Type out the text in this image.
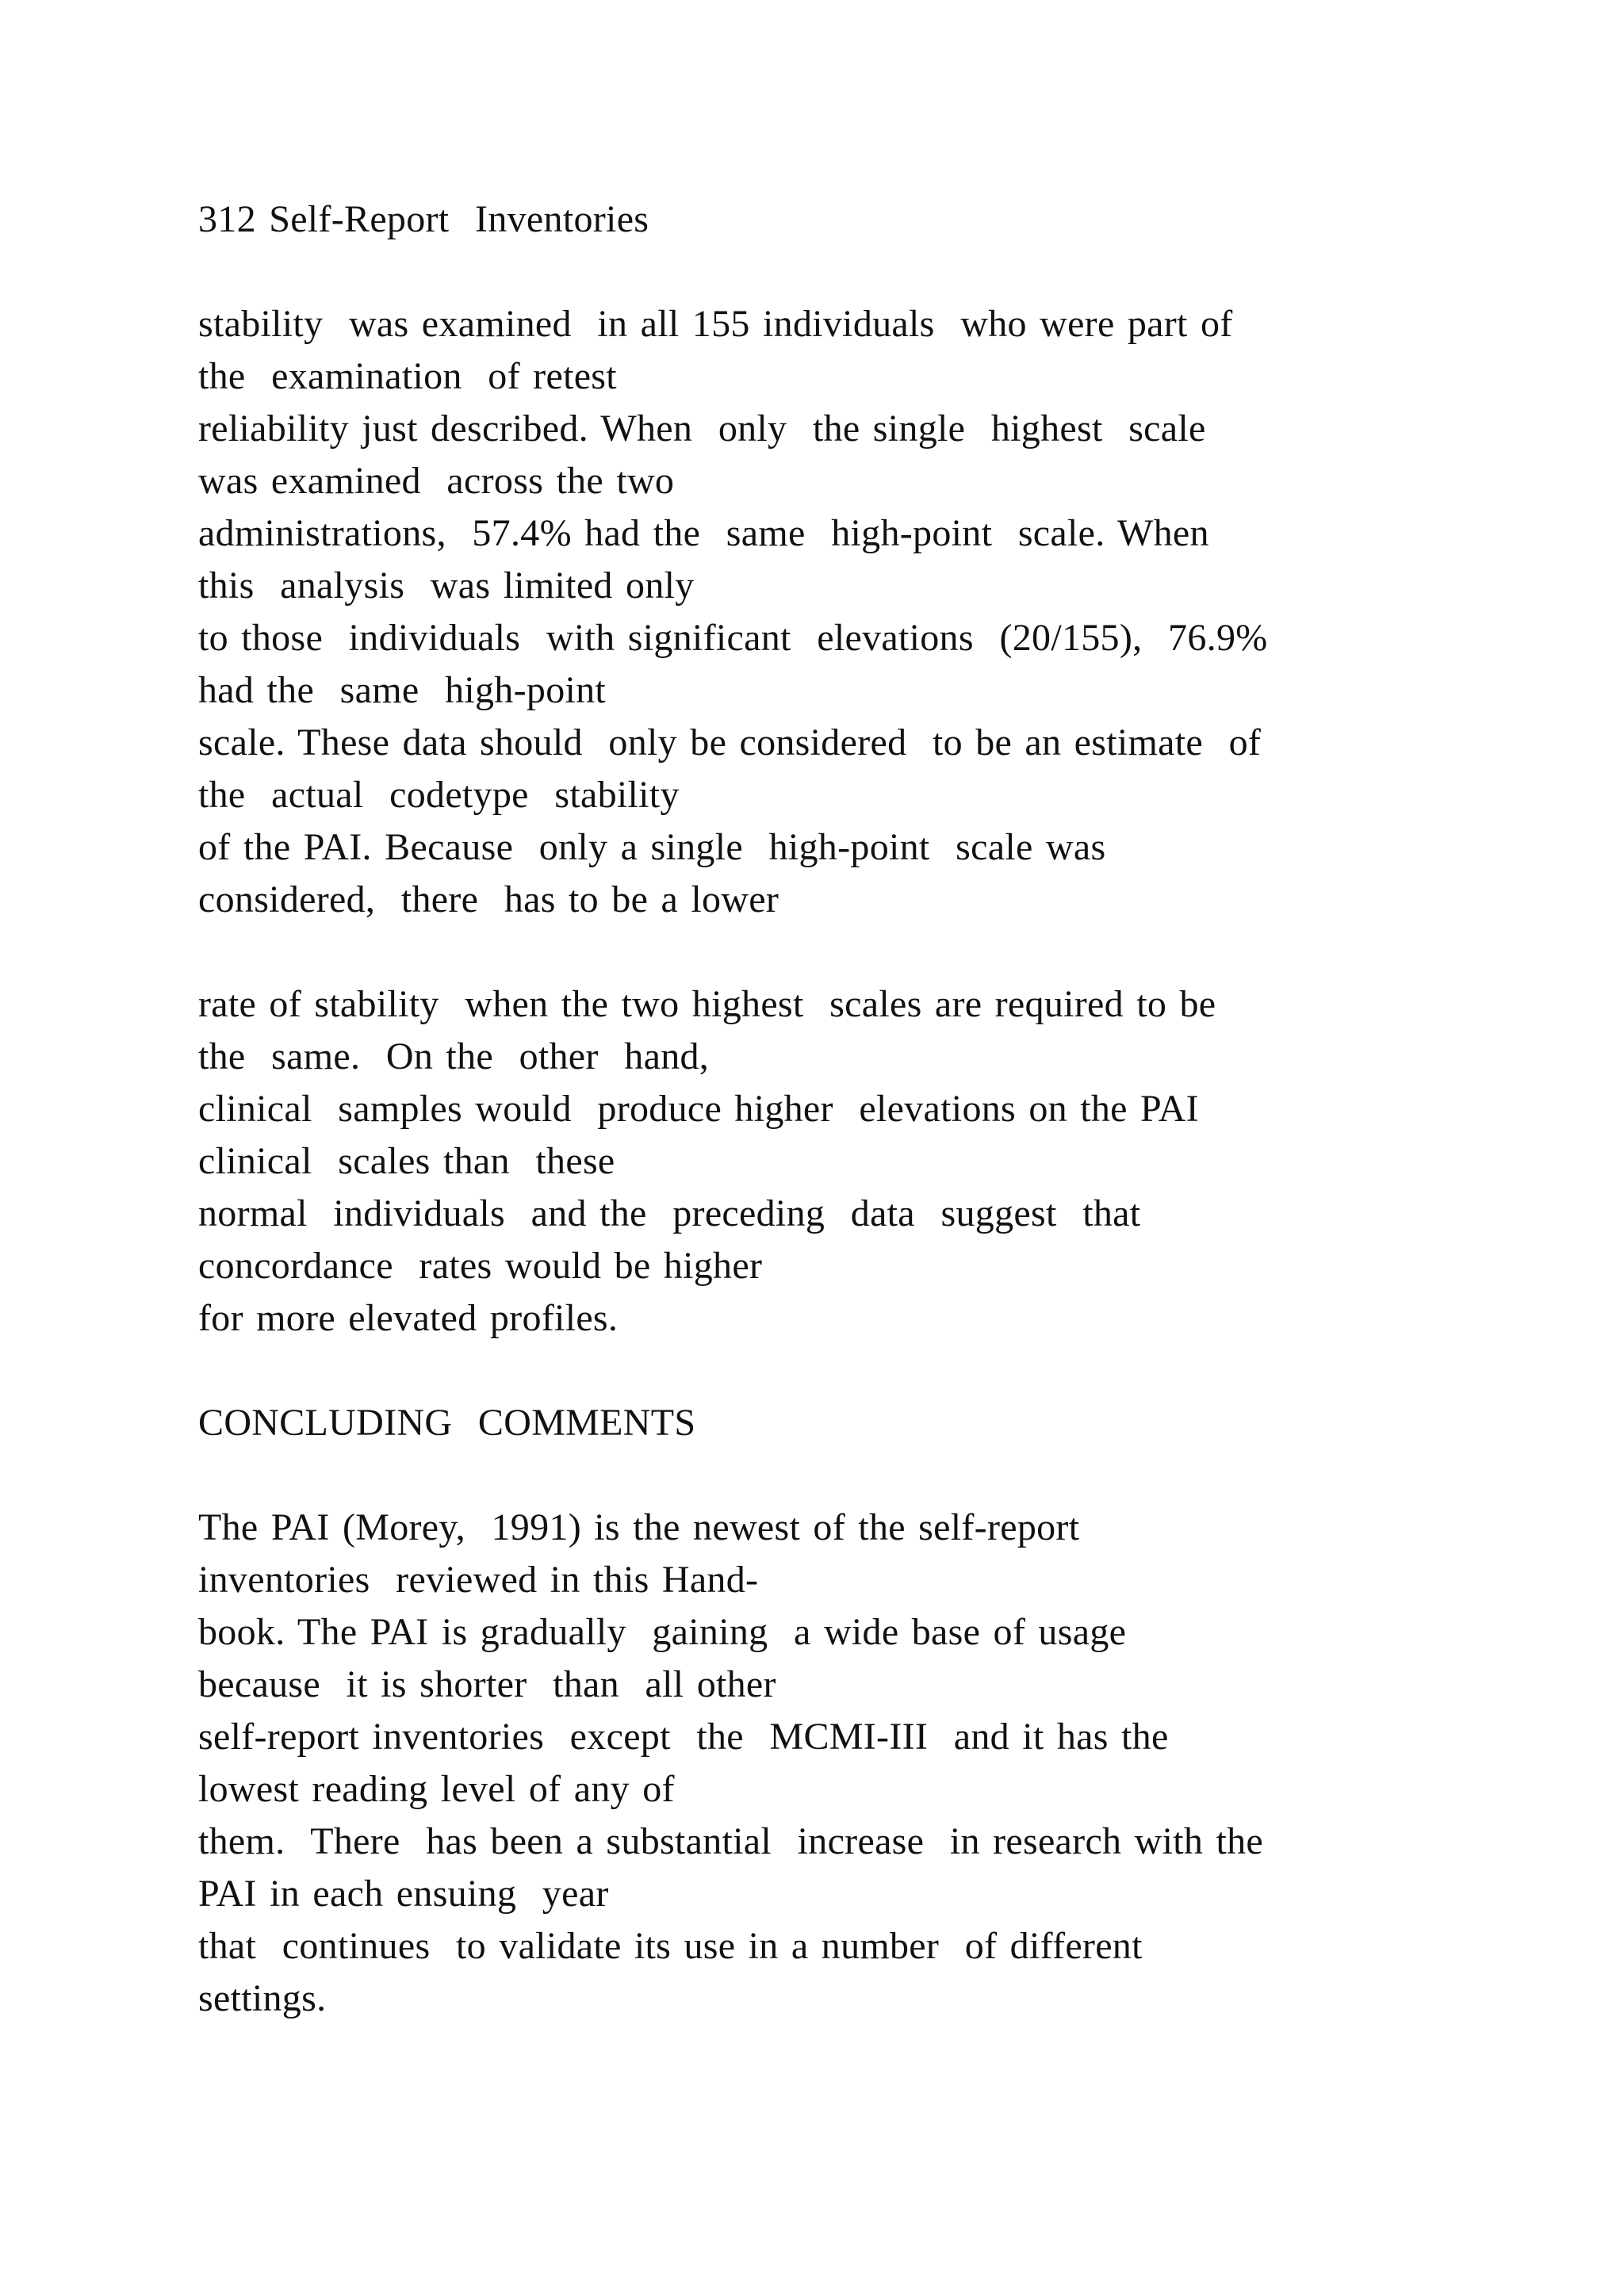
312 Self-Report  Inventories
stability  was examined  in all 155 individuals  who were part of
the  examination  of retest
reliability just described. When  only  the single  highest  scale
was examined  across the two
administrations,  57.4% had the  same  high-point  scale. When
this  analysis  was limited only
to those  individuals  with significant  elevations  (20/155),  76.9%
had the  same  high-point
scale. These data should  only be considered  to be an estimate  of
the  actual  codetype  stability
of the PAI. Because  only a single  high-point  scale was
considered,  there  has to be a lower
rate of stability  when the two highest  scales are required to be
the  same.  On the  other  hand,
clinical  samples would  produce higher  elevations on the PAI
clinical  scales than  these
normal  individuals  and the  preceding  data  suggest  that
concordance  rates would be higher
for more elevated profiles.
CONCLUDING  COMMENTS
The PAI (Morey,  1991) is the newest of the self-report
inventories  reviewed in this Hand-
book. The PAI is gradually  gaining  a wide base of usage
because  it is shorter  than  all other
self-report inventories  except  the  MCMI-III  and it has the
lowest reading level of any of
them.  There  has been a substantial  increase  in research with the
PAI in each ensuing  year
that  continues  to validate its use in a number  of different
settings.
